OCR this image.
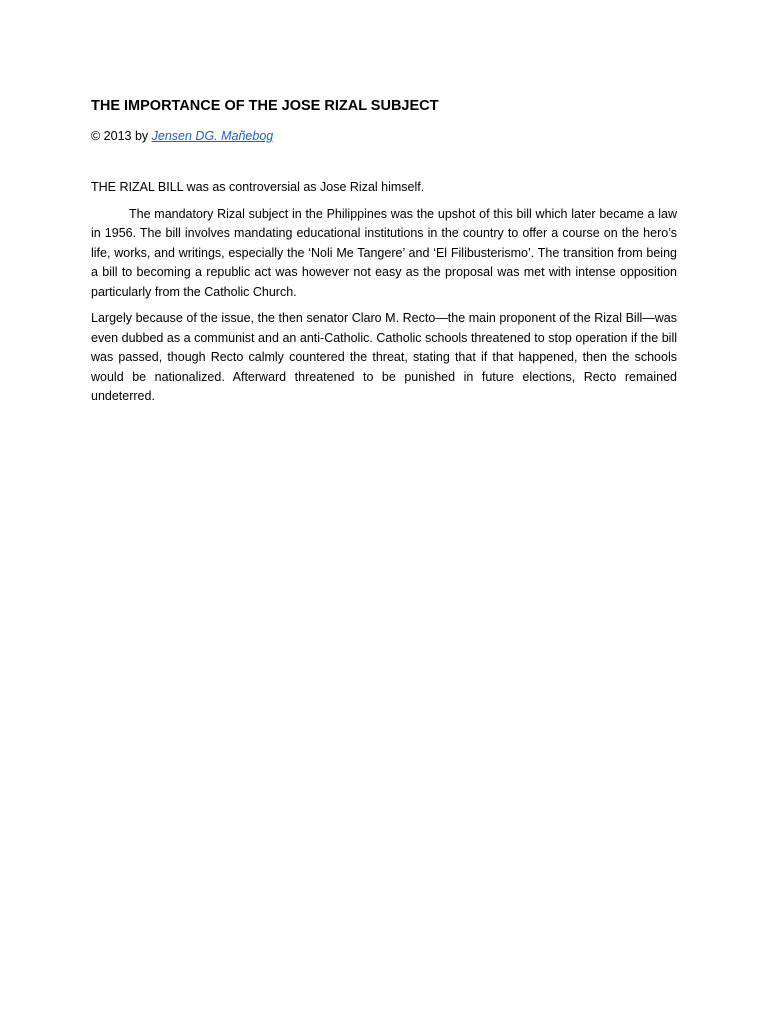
THE IMPORTANCE OF THE JOSE RIZAL SUBJECT
© 2013 by Jensen DG. Mañebog

THE RIZAL BILL was as controversial as Jose Rizal himself.

The mandatory Rizal subject in the Philippines was the upshot of this bill which later became a law in 1956. The bill involves mandating educational institutions in the country to offer a course on the hero’s life, works, and writings, especially the ‘Noli Me Tangere’ and ‘El Filibusterismo’. The transition from being a bill to becoming a republic act was however not easy as the proposal was met with intense opposition particularly from the Catholic Church.

Largely because of the issue, the then senator Claro M. Recto—the main proponent of the Rizal Bill—was even dubbed as a communist and an anti-Catholic. Catholic schools threatened to stop operation if the bill was passed, though Recto calmly countered the threat, stating that if that happened, then the schools would be nationalized. Afterward threatened to be punished in future elections, Recto remained undeterred.
